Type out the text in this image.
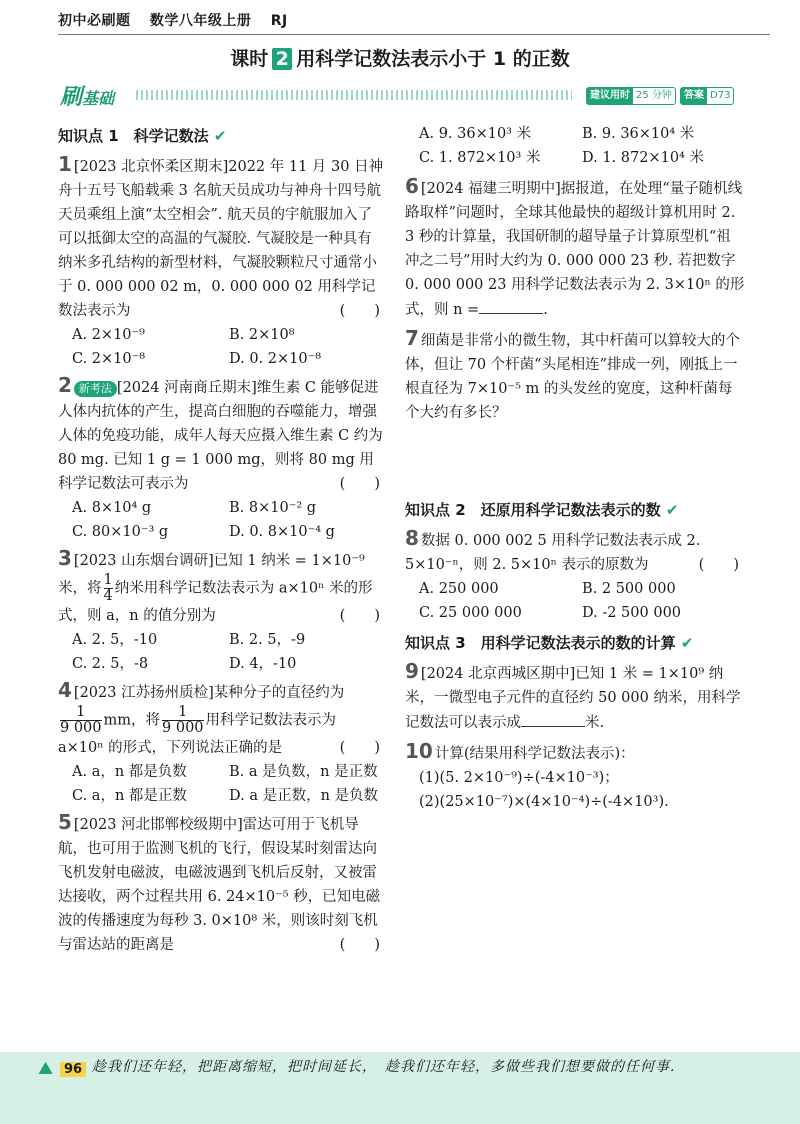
初中必刷题 数学八年级上册 RJ
课时 2 用科学记数法表示小于 1 的正数
刷基础	建议用时 25 分钟	答案 D73
知识点 1　科学记数法 ✔
1 [2023 北京怀柔区期末]2022 年 11 月 30 日神舟十五号飞船载乘 3 名航天员成功与神舟十四号航天员乘组上演“太空相会”. 航天员的宇航服加入了可以抵御太空的高温的气凝胶. 气凝胶是一种具有纳米多孔结构的新型材料，气凝胶颗粒尺寸通常小于 0. 000 000 02 m，0. 000 000 02 用科学记数法表示为	(　　)
A. 2×10⁻⁹	B. 2×10⁸
C. 2×10⁻⁸	D. 0. 2×10⁻⁸
2 新考法 [2024 河南商丘期末]维生素 C 能够促进人体内抗体的产生，提高白细胞的吞噬能力，增强人体的免疫功能，成年人每天应摄入维生素 C 约为 80 mg. 已知 1 g = 1 000 mg，则将 80 mg 用科学记数法可表示为	(　　)
A. 8×10⁴ g	B. 8×10⁻² g
C. 80×10⁻³ g	D. 0. 8×10⁻⁴ g
3 [2023 山东烟台调研]已知 1 纳米 = 1×10⁻⁹ 米，将 $\frac{1}{4}$ 纳米用科学记数法表示为 a×10ⁿ 米的形式，则 a，n 的值分别为	(　　)
A. 2. 5，-10	B. 2. 5，-9
C. 2. 5，-8	D. 4，-10
4 [2023 江苏扬州质检]某种分子的直径约为
$\frac{1}{9 000}$ mm，将 $\frac{1}{9 000}$ 用科学记数法表示为 a×10ⁿ 的形式，下列说法正确的是	(　　)
A. a，n 都是负数	B. a 是负数，n 是正数
C. a，n 都是正数	D. a 是正数，n 是负数
5 [2023 河北邯郸校级期中]雷达可用于飞机导航，也可用于监测飞机的飞行，假设某时刻雷达向飞机发射电磁波，电磁波遇到飞机后反射，又被雷达接收，两个过程共用 6. 24×10⁻⁵ 秒，已知电磁波的传播速度为每秒 3. 0×10⁸ 米，则该时刻飞机与雷达站的距离是	(　　)
A. 9. 36×10³ 米	B. 9. 36×10⁴ 米
C. 1. 872×10³ 米	D. 1. 872×10⁴ 米
6 [2024 福建三明期中]据报道，在处理“量子随机线路取样”问题时，全球其他最快的超级计算机用时 2. 3 秒的计算量，我国研制的超导量子计算原型机“祖冲之二号”用时大约为 0. 000 000 23 秒. 若把数字 0. 000 000 23 用科学记数法表示为 2. 3×10ⁿ 的形式，则 n =	.
7 细菌是非常小的微生物，其中杆菌可以算较大的个体，但让 70 个杆菌“头尾相连”排成一列，刚抵上一根直径为 7×10⁻⁵ m 的头发丝的宽度，这种杆菌每个大约有多长？
知识点 2　还原用科学记数法表示的数 ✔
8 数据 0. 000 002 5 用科学记数法表示成 2. 5×10⁻ⁿ，则 2. 5×10ⁿ 表示的原数为	(　　)
A. 250 000	B. 2 500 000
C. 25 000 000	D. -2 500 000
知识点 3　用科学记数法表示的数的计算 ✔
9 [2024 北京西城区期中]已知 1 米 = 1×10⁹ 纳米，一微型电子元件的直径约 50 000 纳米，用科学记数法可以表示成	米.
10 计算(结果用科学记数法表示)：
(1)(5. 2×10⁻⁹)÷(-4×10⁻³)；
(2)(25×10⁻⁷)×(4×10⁻⁴)÷(-4×10³).
⛰ 96 趁我们还年轻，把距离缩短，把时间延长，　趁我们还年轻，多做些我们想要做的任何事.
